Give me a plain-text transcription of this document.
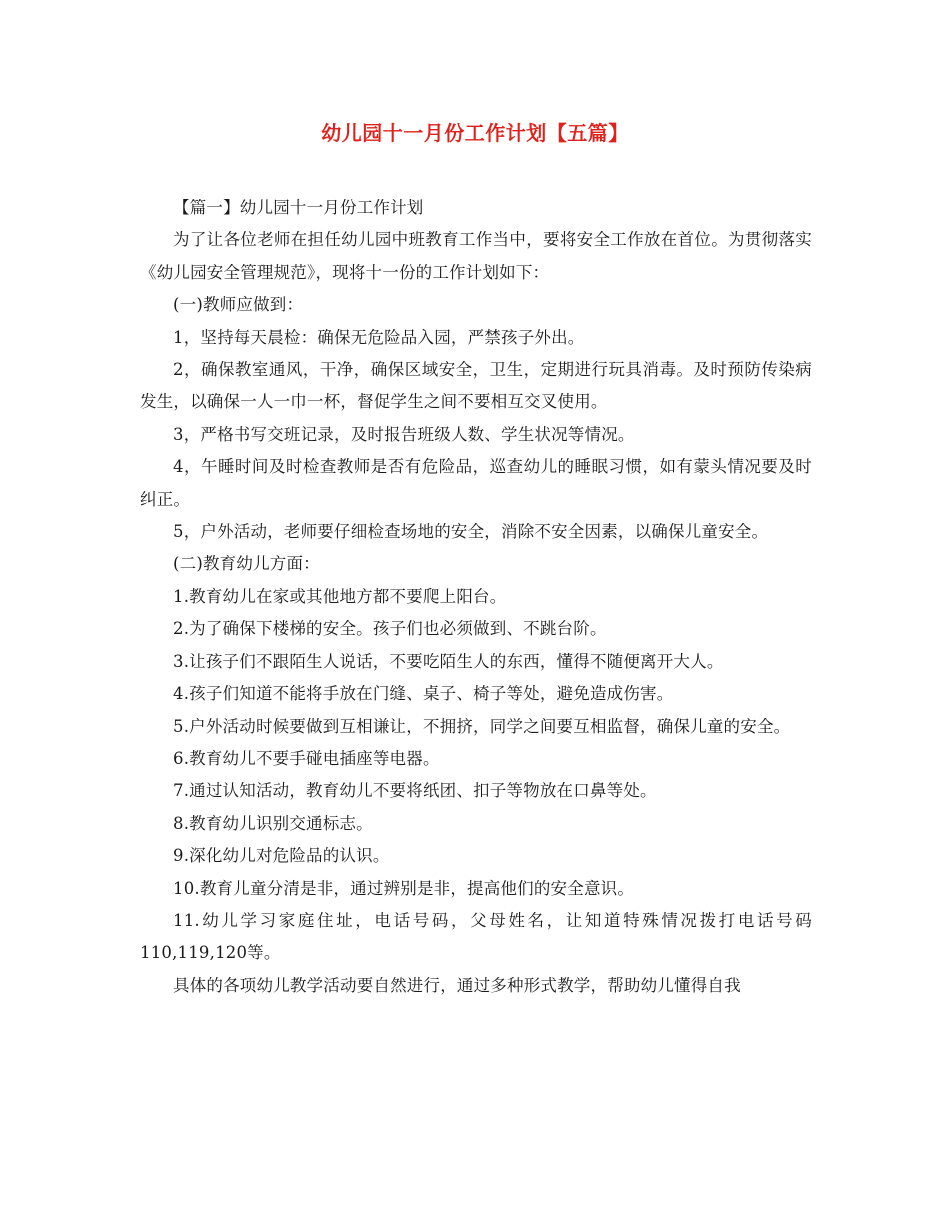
幼儿园十一月份工作计划【五篇】

【篇一】幼儿园十一月份工作计划

为了让各位老师在担任幼儿园中班教育工作当中，要将安全工作放在首位。为贯彻落实《幼儿园安全管理规范》，现将十一份的工作计划如下：

(一)教师应做到：

1，坚持每天晨检：确保无危险品入园，严禁孩子外出。

2，确保教室通风，干净，确保区域安全，卫生，定期进行玩具消毒。及时预防传染病发生，以确保一人一巾一杯，督促学生之间不要相互交叉使用。

3，严格书写交班记录，及时报告班级人数、学生状况等情况。

4，午睡时间及时检查教师是否有危险品，巡查幼儿的睡眠习惯，如有蒙头情况要及时纠正。

5，户外活动，老师要仔细检查场地的安全，消除不安全因素，以确保儿童安全。

(二)教育幼儿方面：

1.教育幼儿在家或其他地方都不要爬上阳台。

2.为了确保下楼梯的安全。孩子们也必须做到、不跳台阶。

3.让孩子们不跟陌生人说话，不要吃陌生人的东西，懂得不随便离开大人。

4.孩子们知道不能将手放在门缝、桌子、椅子等处，避免造成伤害。

5.户外活动时候要做到互相谦让，不拥挤，同学之间要互相监督，确保儿童的安全。

6.教育幼儿不要手碰电插座等电器。

7.通过认知活动，教育幼儿不要将纸团、扣子等物放在口鼻等处。

8.教育幼儿识别交通标志。

9.深化幼儿对危险品的认识。

10.教育儿童分清是非，通过辨别是非，提高他们的安全意识。

11.幼儿学习家庭住址，电话号码，父母姓名，让知道特殊情况拨打电话号码110,119,120等。

具体的各项幼儿教学活动要自然进行，通过多种形式教学，帮助幼儿懂得自我
